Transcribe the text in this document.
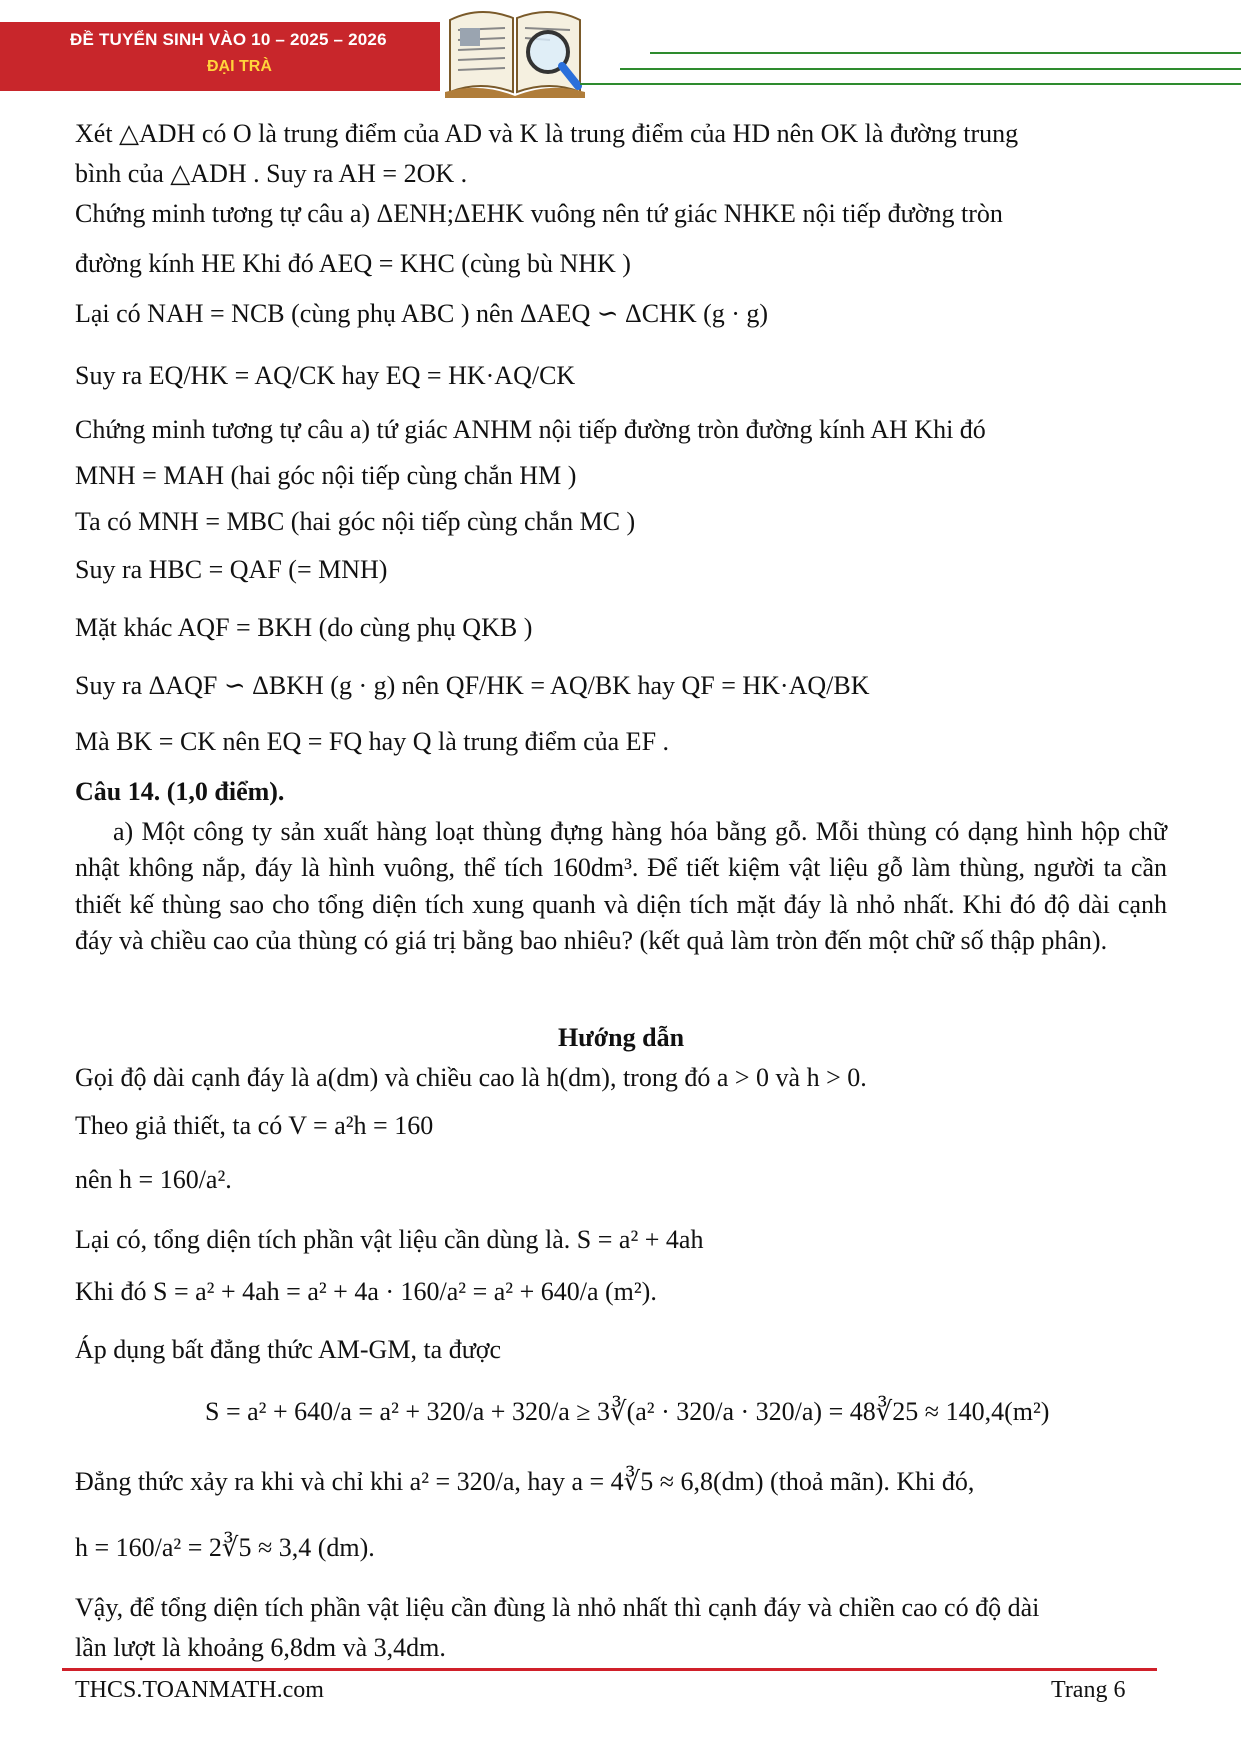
ĐỀ TUYỂN SINH VÀO 10 – 2025 – 2026
ĐẠI TRÀ
Xét △ADH có O là trung điểm của AD và K là trung điểm của HD nên OK là đường trung
bình của △ADH . Suy ra AH = 2OK .
Chứng minh tương tự câu a) ΔENH;ΔEHK vuông nên tứ giác NHKE nội tiếp đường tròn
đường kính HE Khi đó AEQ = KHC (cùng bù NHK )
Lại có NAH = NCB (cùng phụ ABC ) nên ΔAEQ ∽ ΔCHK (g · g)
Suy ra EQ/HK = AQ/CK hay EQ = HK·AQ/CK
Chứng minh tương tự câu a) tứ giác ANHM nội tiếp đường tròn đường kính AH Khi đó
MNH = MAH (hai góc nội tiếp cùng chắn HM )
Ta có MNH = MBC (hai góc nội tiếp cùng chắn MC )
Suy ra HBC = QAF (= MNH)
Mặt khác AQF = BKH (do cùng phụ QKB )
Suy ra ΔAQF ∽ ΔBKH (g · g) nên QF/HK = AQ/BK hay QF = HK·AQ/BK
Mà BK = CK nên EQ = FQ hay Q là trung điểm của EF .
Câu 14. (1,0 điểm).
a) Một công ty sản xuất hàng loạt thùng đựng hàng hóa bằng gỗ. Mỗi thùng có dạng hình hộp chữ nhật không nắp, đáy là hình vuông, thể tích 160dm³. Để tiết kiệm vật liệu gỗ làm thùng, người ta cần thiết kế thùng sao cho tổng diện tích xung quanh và diện tích mặt đáy là nhỏ nhất. Khi đó độ dài cạnh đáy và chiều cao của thùng có giá trị bằng bao nhiêu? (kết quả làm tròn đến một chữ số thập phân).
Hướng dẫn
Gọi độ dài cạnh đáy là a(dm) và chiều cao là h(dm), trong đó a > 0 và h > 0.
Theo giả thiết, ta có V = a²h = 160
nên h = 160/a².
Lại có, tổng diện tích phần vật liệu cần dùng là. S = a² + 4ah
Khi đó S = a² + 4ah = a² + 4a · 160/a² = a² + 640/a (m²).
Áp dụng bất đẳng thức AM-GM, ta được
S = a² + 640/a = a² + 320/a + 320/a ≥ 3∛(a² · 320/a · 320/a) = 48∛25 ≈ 140,4(m²)
Đẳng thức xảy ra khi và chỉ khi a² = 320/a, hay a = 4∛5 ≈ 6,8(dm) (thoả mãn). Khi đó,
h = 160/a² = 2∛5 ≈ 3,4 (dm).
Vậy, để tổng diện tích phần vật liệu cần đùng là nhỏ nhất thì cạnh đáy và chiền cao có độ dài
lần lượt là khoảng 6,8dm và 3,4dm.
THCS.TOANMATH.com	Trang 6
